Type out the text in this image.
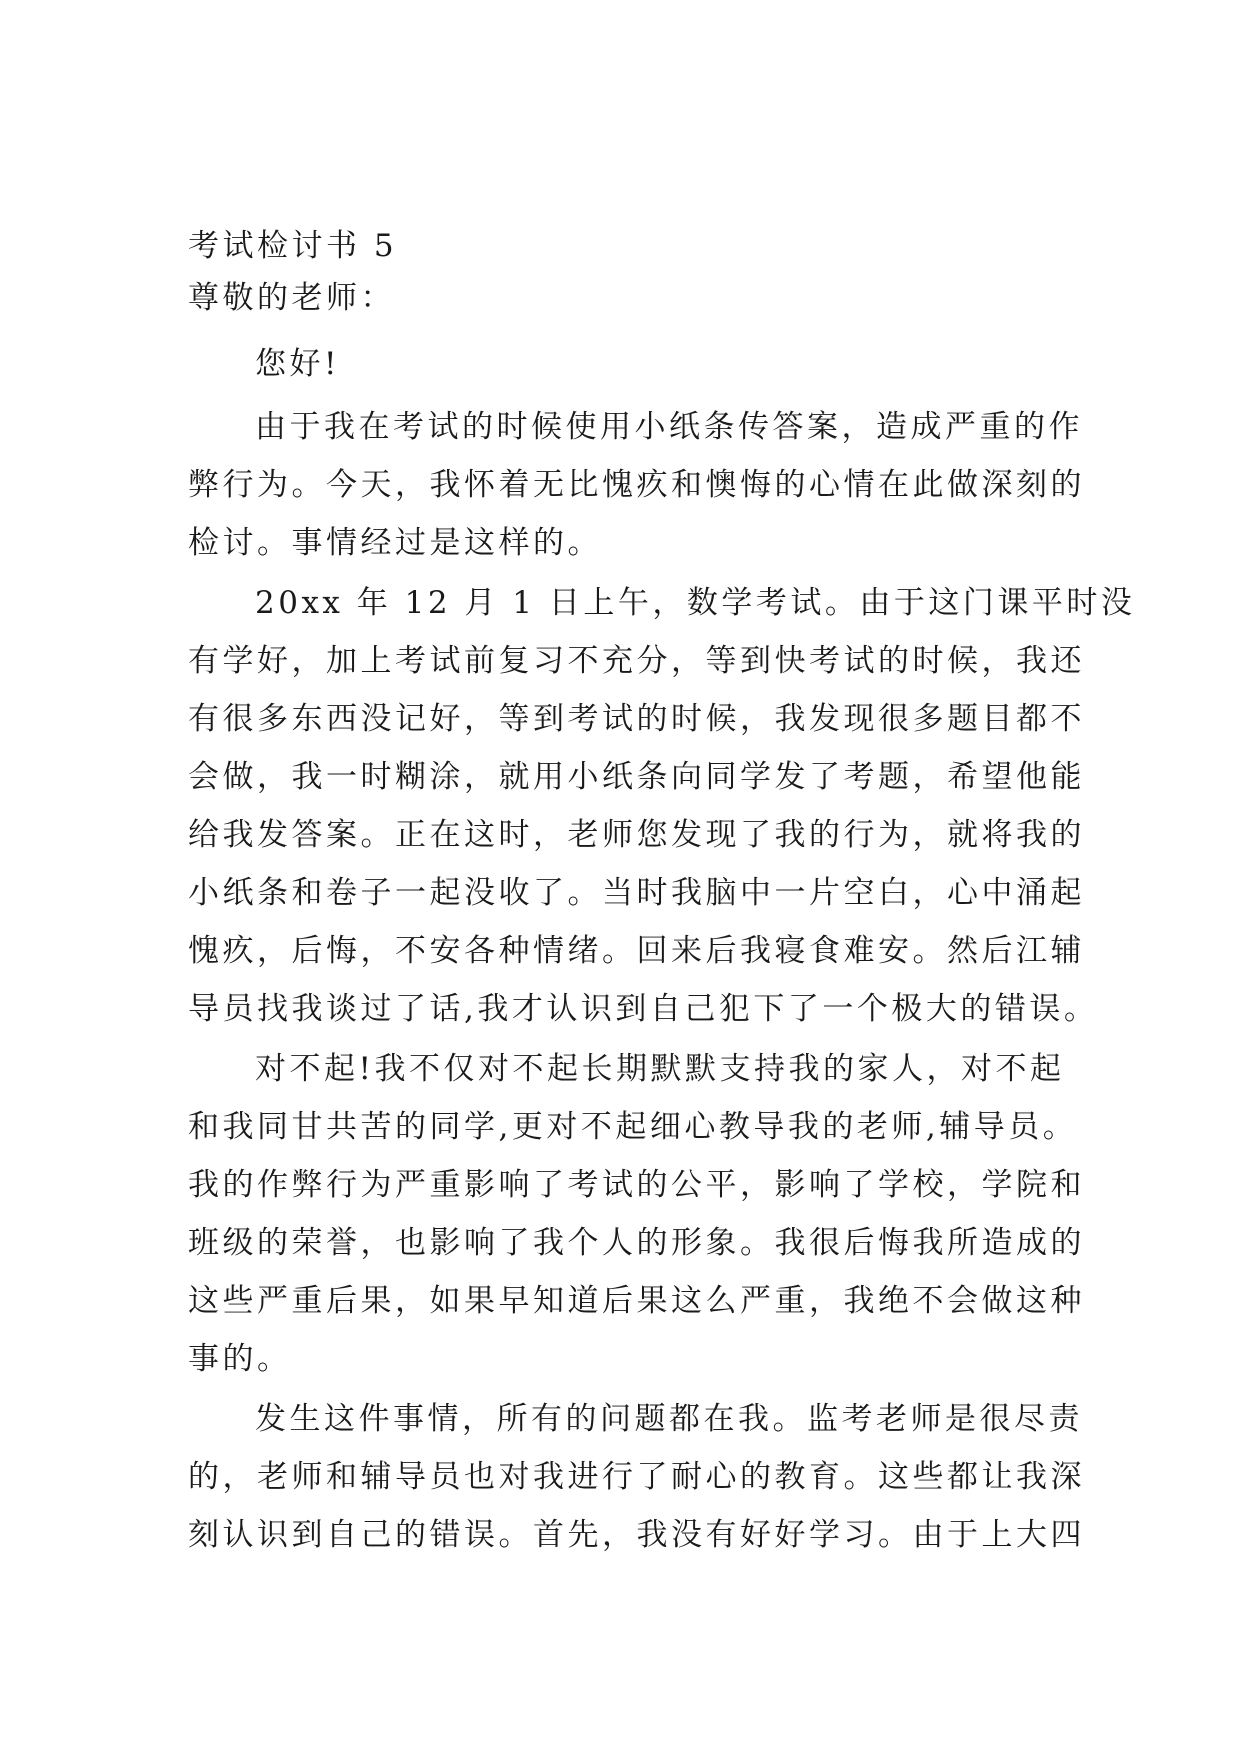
考试检讨书 5
尊敬的老师：
您好!
由于我在考试的时候使用小纸条传答案，造成严重的作
弊行为。今天，我怀着无比愧疚和懊悔的心情在此做深刻的
检讨。事情经过是这样的。
20xx 年 12 月 1 日上午，数学考试。由于这门课平时没
有学好，加上考试前复习不充分，等到快考试的时候，我还
有很多东西没记好，等到考试的时候，我发现很多题目都不
会做，我一时糊涂，就用小纸条向同学发了考题，希望他能
给我发答案。正在这时，老师您发现了我的行为，就将我的
小纸条和卷子一起没收了。当时我脑中一片空白，心中涌起
愧疚，后悔，不安各种情绪。回来后我寝食难安。然后江辅
导员找我谈过了话,我才认识到自己犯下了一个极大的错误。
对不起!我不仅对不起长期默默支持我的家人，对不起
和我同甘共苦的同学,更对不起细心教导我的老师,辅导员。
我的作弊行为严重影响了考试的公平，影响了学校，学院和
班级的荣誉，也影响了我个人的形象。我很后悔我所造成的
这些严重后果，如果早知道后果这么严重，我绝不会做这种
事的。
发生这件事情，所有的问题都在我。监考老师是很尽责
的，老师和辅导员也对我进行了耐心的教育。这些都让我深
刻认识到自己的错误。首先，我没有好好学习。由于上大四
